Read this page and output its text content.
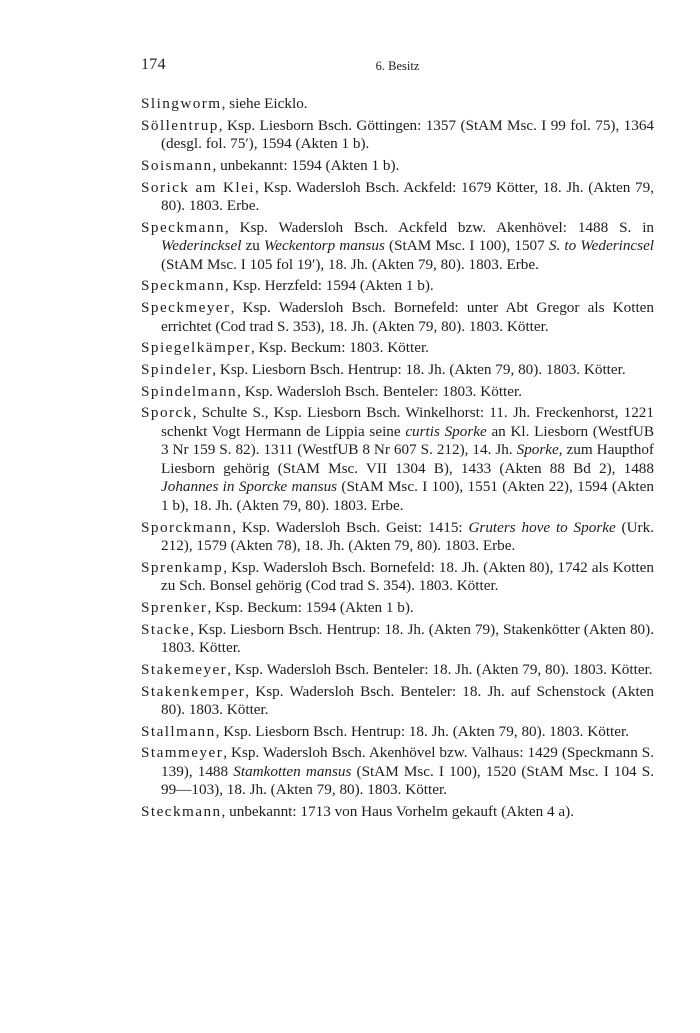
174	6. Besitz

Slingworm, siehe Eicklo.

Söllentrup, Ksp. Liesborn Bsch. Göttingen: 1357 (StAM Msc. I 99 fol. 75), 1364 (desgl. fol. 75′), 1594 (Akten 1 b).

Soismann, unbekannt: 1594 (Akten 1 b).

Sorick am Klei, Ksp. Wadersloh Bsch. Ackfeld: 1679 Kötter, 18. Jh. (Akten 79, 80). 1803. Erbe.

Speckmann, Ksp. Wadersloh Bsch. Ackfeld bzw. Akenhövel: 1488 S. in Wederincksel zu Weckentorp mansus (StAM Msc. I 100), 1507 S. to Wederincsel (StAM Msc. I 105 fol 19′), 18. Jh. (Akten 79, 80). 1803. Erbe.

Speckmann, Ksp. Herzfeld: 1594 (Akten 1 b).

Speckmeyer, Ksp. Wadersloh Bsch. Bornefeld: unter Abt Gregor als Kotten errichtet (Cod trad S. 353), 18. Jh. (Akten 79, 80). 1803. Kötter.

Spiegelkämper, Ksp. Beckum: 1803. Kötter.

Spindeler, Ksp. Liesborn Bsch. Hentrup: 18. Jh. (Akten 79, 80). 1803. Kötter.

Spindelmann, Ksp. Wadersloh Bsch. Benteler: 1803. Kötter.

Sporck, Schulte S., Ksp. Liesborn Bsch. Winkelhorst: 11. Jh. Freckenhorst, 1221 schenkt Vogt Hermann de Lippia seine curtis Sporke an Kl. Liesborn (WestfUB 3 Nr 159 S. 82). 1311 (WestfUB 8 Nr 607 S. 212), 14. Jh. Sporke, zum Haupthof Liesborn gehörig (StAM Msc. VII 1304 B), 1433 (Akten 88 Bd 2), 1488 Johannes in Sporcke mansus (StAM Msc. I 100), 1551 (Akten 22), 1594 (Akten 1 b), 18. Jh. (Akten 79, 80). 1803. Erbe.

Sporckmann, Ksp. Wadersloh Bsch. Geist: 1415: Gruters hove to Sporke (Urk. 212), 1579 (Akten 78), 18. Jh. (Akten 79, 80). 1803. Erbe.

Sprenkamp, Ksp. Wadersloh Bsch. Bornefeld: 18. Jh. (Akten 80), 1742 als Kotten zu Sch. Bonsel gehörig (Cod trad S. 354). 1803. Kötter.

Sprenker, Ksp. Beckum: 1594 (Akten 1 b).

Stacke, Ksp. Liesborn Bsch. Hentrup: 18. Jh. (Akten 79), Stakenkötter (Akten 80). 1803. Kötter.

Stakemeyer, Ksp. Wadersloh Bsch. Benteler: 18. Jh. (Akten 79, 80). 1803. Kötter.

Stakenkemper, Ksp. Wadersloh Bsch. Benteler: 18. Jh. auf Schenstock (Akten 80). 1803. Kötter.

Stallmann, Ksp. Liesborn Bsch. Hentrup: 18. Jh. (Akten 79, 80). 1803. Kötter.

Stammeyer, Ksp. Wadersloh Bsch. Akenhövel bzw. Valhaus: 1429 (Speckmann S. 139), 1488 Stamkotten mansus (StAM Msc. I 100), 1520 (StAM Msc. I 104 S. 99—103), 18. Jh. (Akten 79, 80). 1803. Kötter.

Steckmann, unbekannt: 1713 von Haus Vorhelm gekauft (Akten 4 a).
